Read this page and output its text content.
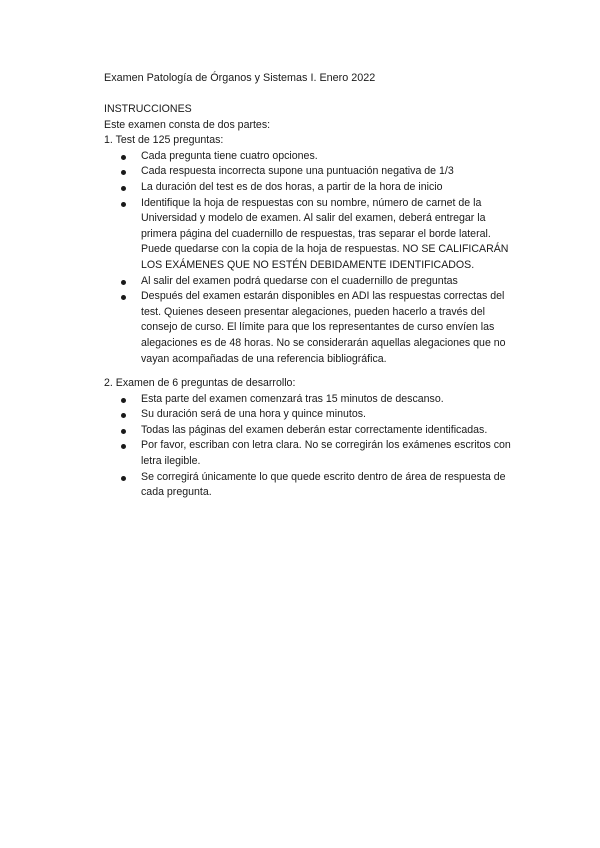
Examen Patología de Órganos y Sistemas I. Enero 2022

INSTRUCCIONES

Este examen consta de dos partes:

1. Test de 125 preguntas:

Cada pregunta tiene cuatro opciones.
Cada respuesta incorrecta supone una puntuación negativa de 1/3
La duración del test es de dos horas, a partir de la hora de inicio
Identifique la hoja de respuestas con su nombre, número de carnet de la Universidad y modelo de examen. Al salir del examen, deberá entregar la primera página del cuadernillo de respuestas, tras separar el borde lateral. Puede quedarse con la copia de la hoja de respuestas. NO SE CALIFICARÁN LOS EXÁMENES QUE NO ESTÉN DEBIDAMENTE IDENTIFICADOS.
Al salir del examen podrá quedarse con el cuadernillo de preguntas
Después del examen estarán disponibles en ADI las respuestas correctas del test. Quienes deseen presentar alegaciones, pueden hacerlo a través del consejo de curso. El límite para que los representantes de curso envíen las alegaciones es de 48 horas. No se considerarán aquellas alegaciones que no vayan acompañadas de una referencia bibliográfica.

2. Examen de 6 preguntas de desarrollo:

Esta parte del examen comenzará tras 15 minutos de descanso.
Su duración será de una hora y quince minutos.
Todas las páginas del examen deberán estar correctamente identificadas.
Por favor, escriban con letra clara. No se corregirán los exámenes escritos con letra ilegible.
Se corregirá únicamente lo que quede escrito dentro de área de respuesta de cada pregunta.
